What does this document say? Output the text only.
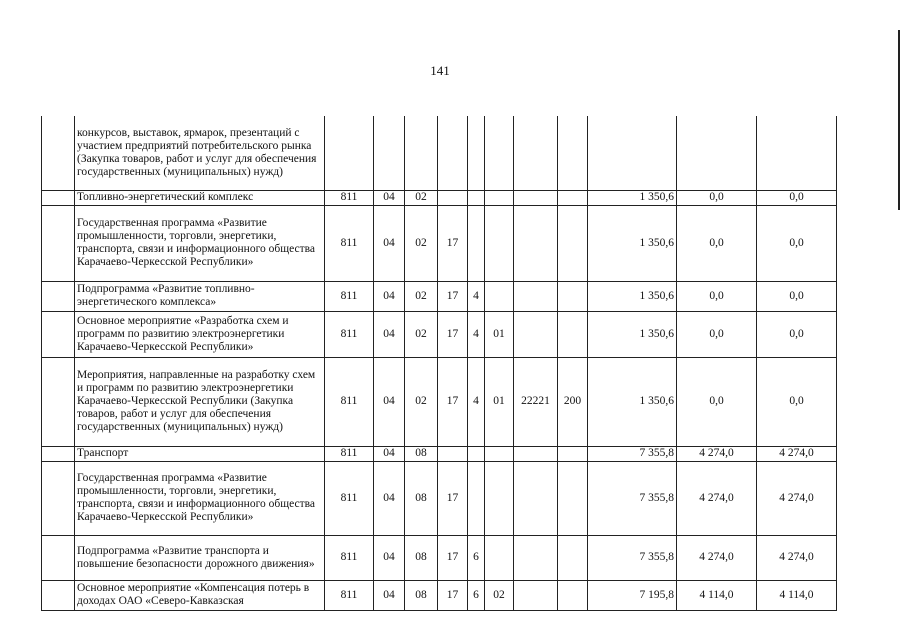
141
	конкурсов, выставок, ярмарок, презентаций с участием предприятий потребительского рынка (Закупка товаров, работ и услуг для обеспечения государственных (муниципальных) нужд)											
	Топливно-энергетический комплекс	811	04	02						1 350,6	0,0	0,0
	Государственная программа «Развитие промышленности, торговли, энергетики, транспорта, связи и информационного общества Карачаево-Черкесской Республики»	811	04	02	17					1 350,6	0,0	0,0
	Подпрограмма «Развитие топливно-энергетического комплекса»	811	04	02	17	4				1 350,6	0,0	0,0
	Основное мероприятие «Разработка схем и программ по развитию электроэнергетики Карачаево-Черкесской Республики»	811	04	02	17	4	01			1 350,6	0,0	0,0
	Мероприятия, направленные на разработку схем и программ по развитию электроэнергетики Карачаево-Черкесской Республики (Закупка товаров, работ и услуг для обеспечения государственных (муниципальных) нужд)	811	04	02	17	4	01	22221	200	1 350,6	0,0	0,0
	Транспорт	811	04	08						7 355,8	4 274,0	4 274,0
	Государственная программа «Развитие промышленности, торговли, энергетики, транспорта, связи и информационного общества Карачаево-Черкесской Республики»	811	04	08	17					7 355,8	4 274,0	4 274,0
	Подпрограмма «Развитие транспорта и повышение безопасности дорожного движения»	811	04	08	17	6				7 355,8	4 274,0	4 274,0
	Основное мероприятие «Компенсация потерь в доходах ОАО «Северо-Кавказская	811	04	08	17	6	02			7 195,8	4 114,0	4 114,0
